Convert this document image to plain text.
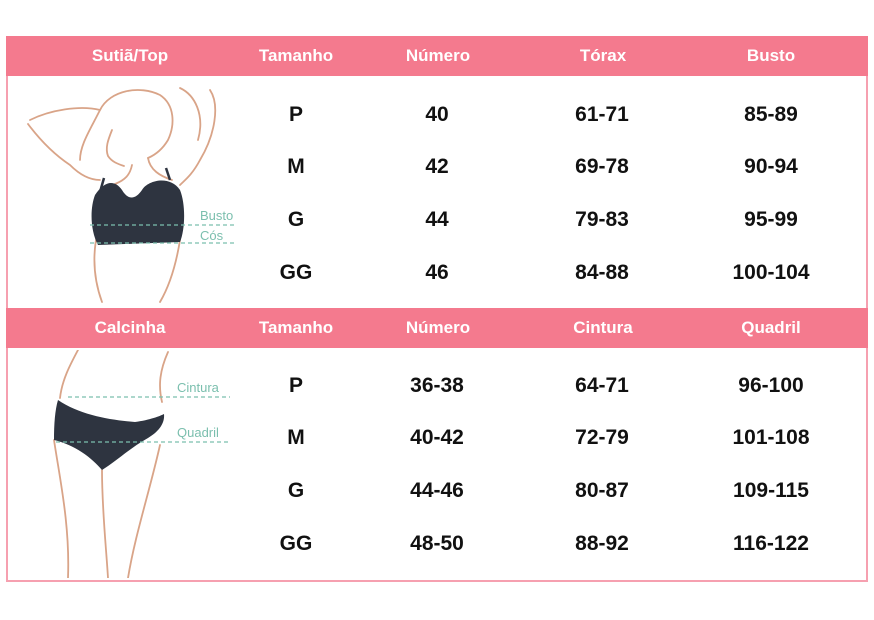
Sutiã/Top	Tamanho	Número	Tórax	Busto
P	40	61-71	85-89
M	42	69-78	90-94
G	44	79-83	95-99
GG	46	84-88	100-104
Busto
Cós
Calcinha	Tamanho	Número	Cintura	Quadril
P	36-38	64-71	96-100
M	40-42	72-79	101-108
G	44-46	80-87	109-115
GG	48-50	88-92	116-122
Cintura
Quadril
